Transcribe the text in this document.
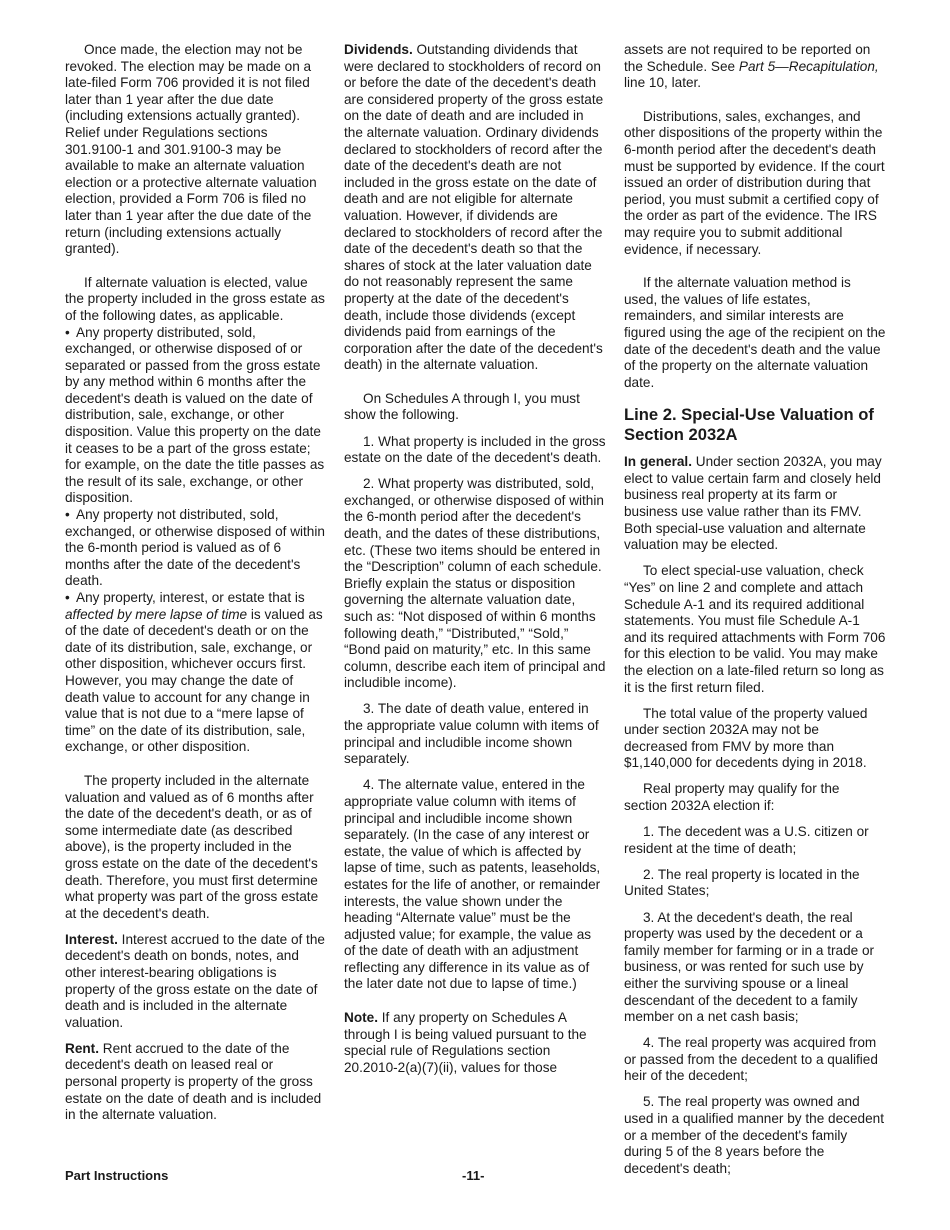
Once made, the election may not be revoked. The election may be made on a late-filed Form 706 provided it is not filed later than 1 year after the due date (including extensions actually granted). Relief under Regulations sections 301.9100-1 and 301.9100-3 may be available to make an alternate valuation election or a protective alternate valuation election, provided a Form 706 is filed no later than 1 year after the due date of the return (including extensions actually granted).

If alternate valuation is elected, value the property included in the gross estate as of the following dates, as applicable.

• Any property distributed, sold, exchanged, or otherwise disposed of or separated or passed from the gross estate by any method within 6 months after the decedent's death is valued on the date of distribution, sale, exchange, or other disposition. Value this property on the date it ceases to be a part of the gross estate; for example, on the date the title passes as the result of its sale, exchange, or other disposition.

• Any property not distributed, sold, exchanged, or otherwise disposed of within the 6-month period is valued as of 6 months after the date of the decedent's death.

• Any property, interest, or estate that is affected by mere lapse of time is valued as of the date of decedent's death or on the date of its distribution, sale, exchange, or other disposition, whichever occurs first. However, you may change the date of death value to account for any change in value that is not due to a “mere lapse of time” on the date of its distribution, sale, exchange, or other disposition.

The property included in the alternate valuation and valued as of 6 months after the date of the decedent's death, or as of some intermediate date (as described above), is the property included in the gross estate on the date of the decedent's death. Therefore, you must first determine what property was part of the gross estate at the decedent's death.

Interest. Interest accrued to the date of the decedent's death on bonds, notes, and other interest-bearing obligations is property of the gross estate on the date of death and is included in the alternate valuation.

Rent. Rent accrued to the date of the decedent's death on leased real or personal property is property of the gross estate on the date of death and is included in the alternate valuation.

Dividends. Outstanding dividends that were declared to stockholders of record on or before the date of the decedent's death are considered property of the gross estate on the date of death and are included in the alternate valuation. Ordinary dividends declared to stockholders of record after the date of the decedent's death are not included in the gross estate on the date of death and are not eligible for alternate valuation. However, if dividends are declared to stockholders of record after the date of the decedent's death so that the shares of stock at the later valuation date do not reasonably represent the same property at the date of the decedent's death, include those dividends (except dividends paid from earnings of the corporation after the date of the decedent's death) in the alternate valuation.

On Schedules A through I, you must show the following.

1. What property is included in the gross estate on the date of the decedent's death.

2. What property was distributed, sold, exchanged, or otherwise disposed of within the 6-month period after the decedent's death, and the dates of these distributions, etc. (These two items should be entered in the “Description” column of each schedule. Briefly explain the status or disposition governing the alternate valuation date, such as: “Not disposed of within 6 months following death,” “Distributed,” “Sold,” “Bond paid on maturity,” etc. In this same column, describe each item of principal and includible income).

3. The date of death value, entered in the appropriate value column with items of principal and includible income shown separately.

4. The alternate value, entered in the appropriate value column with items of principal and includible income shown separately. (In the case of any interest or estate, the value of which is affected by lapse of time, such as patents, leaseholds, estates for the life of another, or remainder interests, the value shown under the heading “Alternate value” must be the adjusted value; for example, the value as of the date of death with an adjustment reflecting any difference in its value as of the later date not due to lapse of time.)

Note. If any property on Schedules A through I is being valued pursuant to the special rule of Regulations section 20.2010-2(a)(7)(ii), values for those

assets are not required to be reported on the Schedule. See Part 5—Recapitulation, line 10, later.

Distributions, sales, exchanges, and other dispositions of the property within the 6-month period after the decedent's death must be supported by evidence. If the court issued an order of distribution during that period, you must submit a certified copy of the order as part of the evidence. The IRS may require you to submit additional evidence, if necessary.

If the alternate valuation method is used, the values of life estates, remainders, and similar interests are figured using the age of the recipient on the date of the decedent's death and the value of the property on the alternate valuation date.

Line 2. Special-Use Valuation of Section 2032A

In general. Under section 2032A, you may elect to value certain farm and closely held business real property at its farm or business use value rather than its FMV. Both special-use valuation and alternate valuation may be elected.

To elect special-use valuation, check “Yes” on line 2 and complete and attach Schedule A-1 and its required additional statements. You must file Schedule A-1 and its required attachments with Form 706 for this election to be valid. You may make the election on a late-filed return so long as it is the first return filed.

The total value of the property valued under section 2032A may not be decreased from FMV by more than $1,140,000 for decedents dying in 2018.

Real property may qualify for the section 2032A election if:

1. The decedent was a U.S. citizen or resident at the time of death;

2. The real property is located in the United States;

3. At the decedent's death, the real property was used by the decedent or a family member for farming or in a trade or business, or was rented for such use by either the surviving spouse or a lineal descendant of the decedent to a family member on a net cash basis;

4. The real property was acquired from or passed from the decedent to a qualified heir of the decedent;

5. The real property was owned and used in a qualified manner by the decedent or a member of the decedent's family during 5 of the 8 years before the decedent's death;

Part Instructions	-11-
